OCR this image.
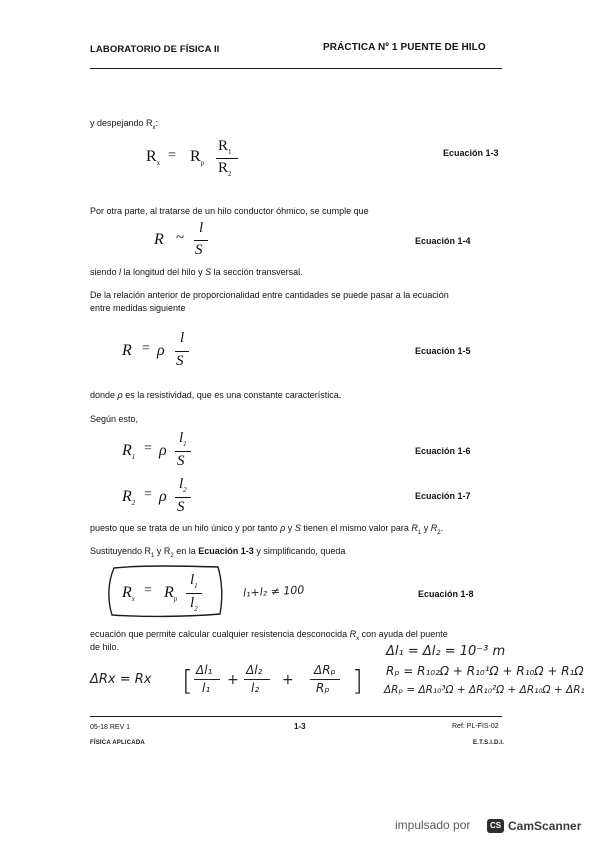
LABORATORIO DE FÍSICA II	PRÁCTICA Nº 1 PUENTE DE HILO
y despejando $R_x$:
$R_x$
= $R_p$
$R_1$
$R_2$
Ecuación 1-3
Por otra parte, al tratarse de un hilo conductor óhmico, se cumple que
R ~
l
S
Ecuación 1-4
siendo l la longitud del hilo y S la sección transversal.
De la relación anterior de proporcionalidad entre cantidades se puede pasar a la ecuación
entre medidas siguiente
R = ρ
l
S
Ecuación 1-5
donde ρ es la resistividad, que es una constante característica.
Según esto,
$R_1$
= ρ
$l_1$
S
Ecuación 1-6
$R_2$
= ρ
$l_2$
S
Ecuación 1-7
puesto que se trata de un hilo único y por tanto ρ y S tienen el mismo valor para $R_1$ y $R_2$.
Sustituyendo $R_1$ y $R_2$ en la Ecuación 1-3 y simplificando, queda
$R_x$
= $R_p$
$l_1$
$l_2$
l₁+l₂ ≠ 100	Ecuación 1-8
ecuación que permite calcular cualquier resistencia desconocida $R_x$ con ayuda del puente
de hilo.	Δl₁ = Δl₂ = 10⁻³ m
Rₚ = R₁₀₂Ω + R₁₀¹Ω + R₁₀Ω + R₁Ω
ΔRₚ = ΔR₁₀³Ω + ΔR₁₀²Ω + ΔR₁₀Ω + ΔR₁
ΔRx = Rx [ Δl₁
l₁ +
Δl₂
l₂ +
ΔRₚ
Rₚ ]
05-18 REV 1	1-3	Ref: PL-FIS-02
FÍSICA APLICADA	E.T.S.I.D.I.
impulsado por	CS CamScanner
